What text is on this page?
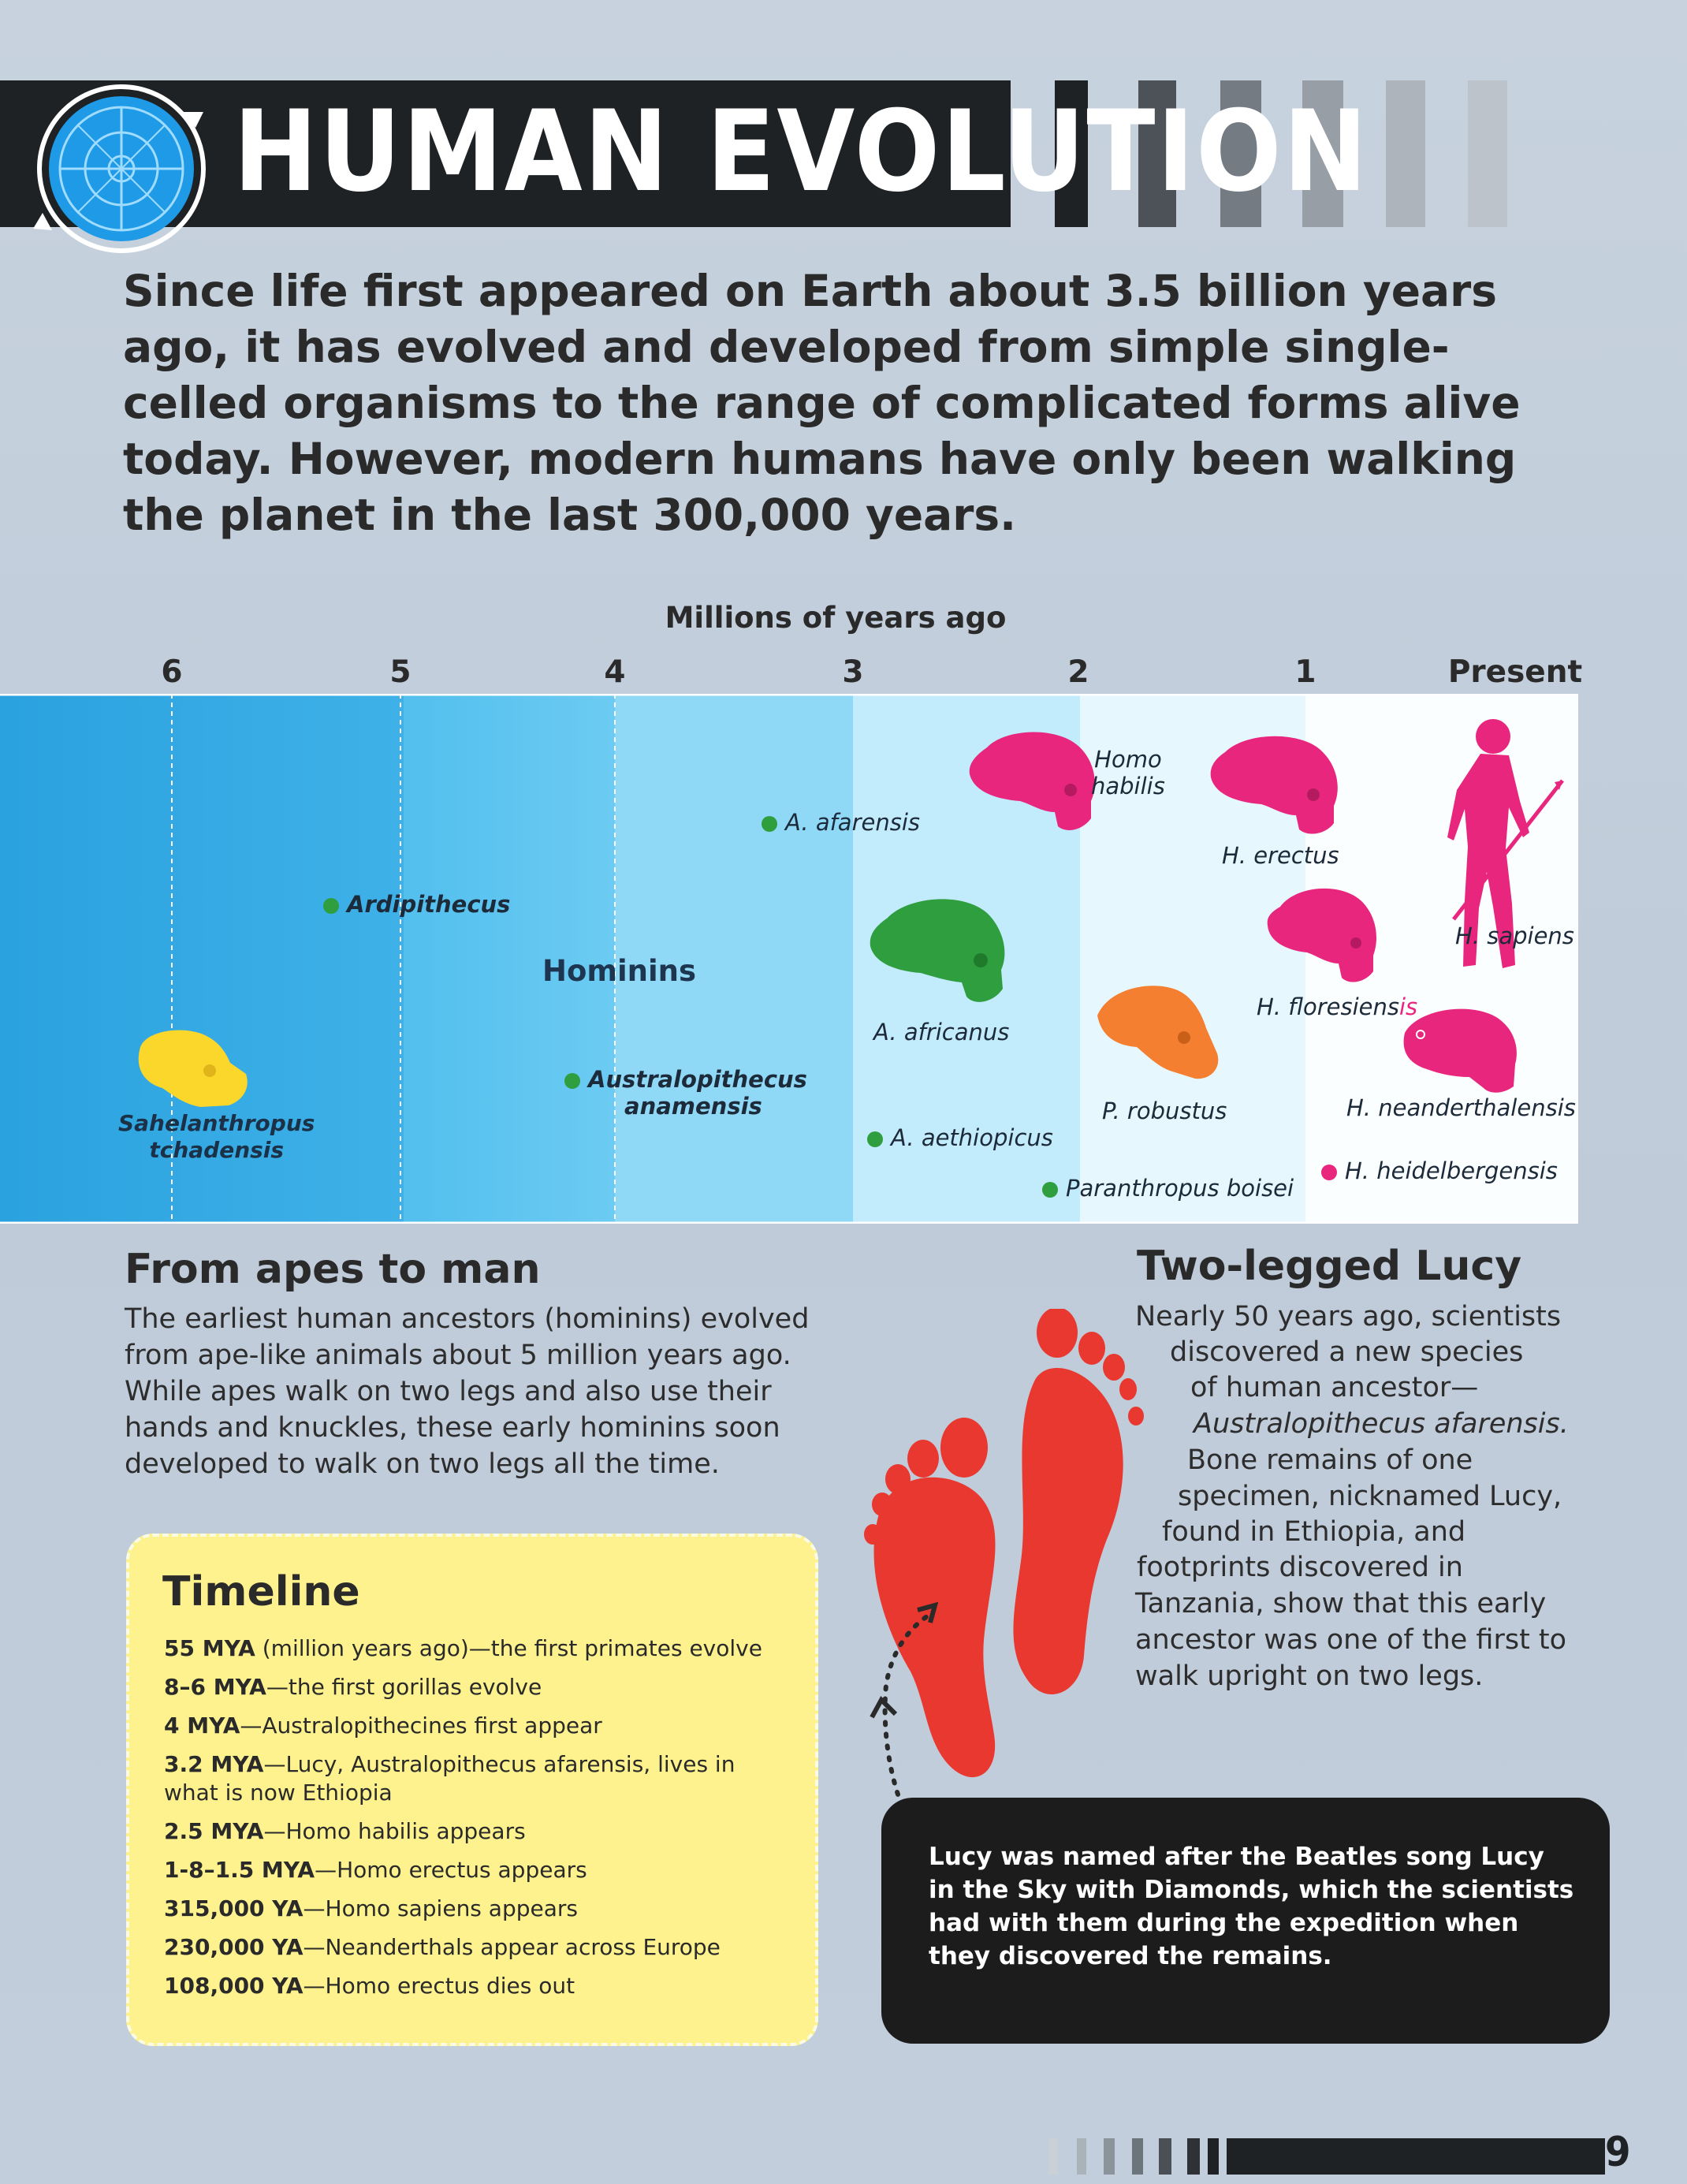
HUMAN EVOLUTION

Since life first appeared on Earth about 3.5 billion years ago, it has evolved and developed from simple single-celled organisms to the range of complicated forms alive today. However, modern humans have only been walking the planet in the last 300,000 years.

Millions of years ago
6	5	4	3	2	1	Present
Sahelanthropus
tchadensis
Ardipithecus
Hominins
Australopithecus
anamensis
A. afarensis
A. africanus
A. aethiopicus
Homo
habilis
P. robustus
Paranthropus boisei
H. erectus
H. floresiensis
H. sapiens
H. neanderthalensis
H. heidelbergensis
From apes to man

The earliest human ancestors (hominins) evolved from ape-like animals about 5 million years ago. While apes walk on two legs and also use their hands and knuckles, these early hominins soon developed to walk on two legs all the time.

Two-legged Lucy
Nearly 50 years ago, scientists
discovered a new species
of human ancestor—
Australopithecus afarensis.
Bone remains of one
specimen, nicknamed Lucy,
found in Ethiopia, and
footprints discovered in
Tanzania, show that this early
ancestor was one of the first to
walk upright on two legs.
Timeline
55 MYA (million years ago)—the first primates evolve
8–6 MYA—the first gorillas evolve
4 MYA—Australopithecines first appear
3.2 MYA—Lucy, Australopithecus afarensis, lives in what is now Ethiopia
2.5 MYA—Homo habilis appears
1-8–1.5 MYA—Homo erectus appears
315,000 YA—Homo sapiens appears
230,000 YA—Neanderthals appear across Europe
108,000 YA—Homo erectus dies out

Lucy was named after the Beatles song Lucy in the Sky with Diamonds, which the scientists had with them during the expedition when they discovered the remains.

9
